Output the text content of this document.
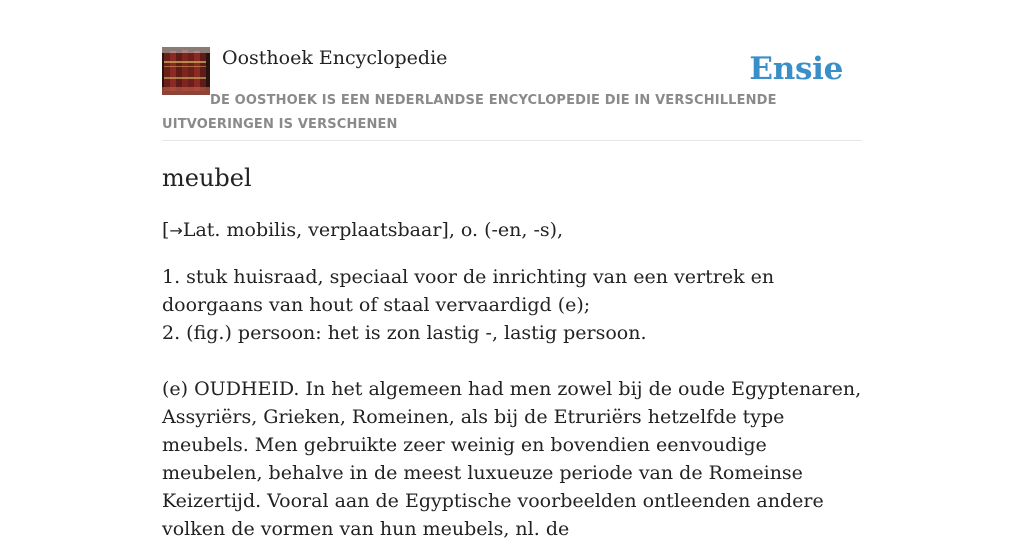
Oosthoek Encyclopedie	Ensie
DE OOSTHOEK IS EEN NEDERLANDSE ENCYCLOPEDIE DIE IN VERSCHILLENDE UITVOERINGEN IS VERSCHENEN
meubel

[→Lat. mobilis, verplaatsbaar], o. (-en, -s),

1. stuk huisraad, speciaal voor de inrichting van een vertrek en doorgaans van hout of staal vervaardigd (e);
2. (fig.) persoon: het is zon lastig -, lastig persoon.

(e) OUDHEID. In het algemeen had men zowel bij de oude Egyptenaren, Assyriërs, Grieken, Romeinen, als bij de Etruriërs hetzelfde type meubels. Men gebruikte zeer weinig en bovendien eenvoudige meubelen, behalve in de meest luxueuze periode van de Romeinse Keizertijd. Vooral aan de Egyptische voorbeelden ontleenden andere volken de vormen van hun meubels, nl. de
